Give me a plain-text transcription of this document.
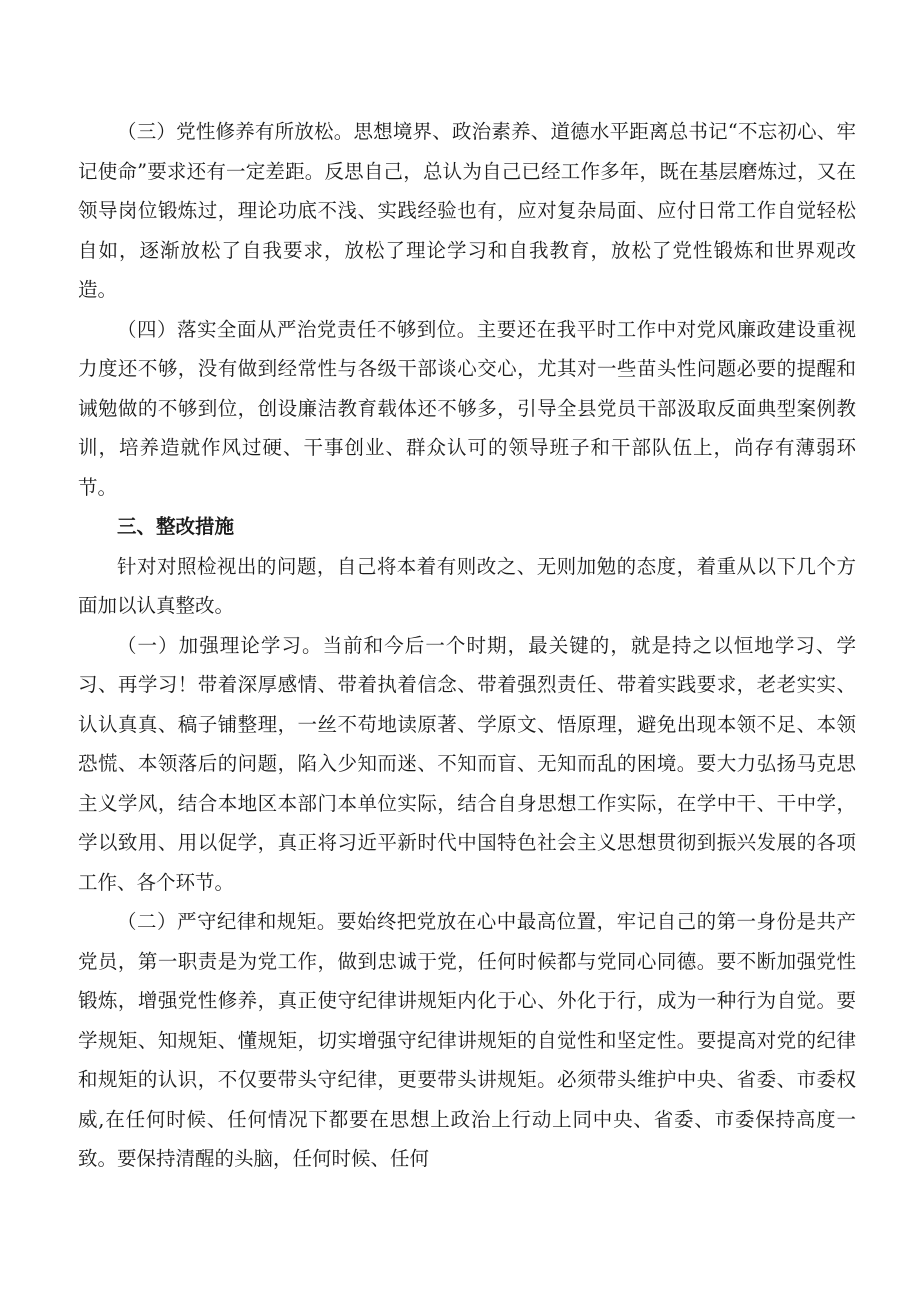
（三）党性修养有所放松。思想境界、政治素养、道德水平距离总书记“不忘初心、牢记使命”要求还有一定差距。反思自己，总认为自己已经工作多年，既在基层磨炼过，又在领导岗位锻炼过，理论功底不浅、实践经验也有，应对复杂局面、应付日常工作自觉轻松自如，逐渐放松了自我要求，放松了理论学习和自我教育，放松了党性锻炼和世界观改造。

（四）落实全面从严治党责任不够到位。主要还在我平时工作中对党风廉政建设重视力度还不够，没有做到经常性与各级干部谈心交心，尤其对一些苗头性问题必要的提醒和诫勉做的不够到位，创设廉洁教育载体还不够多，引导全县党员干部汲取反面典型案例教训，培养造就作风过硬、干事创业、群众认可的领导班子和干部队伍上，尚存有薄弱环节。

三、整改措施

针对对照检视出的问题，自己将本着有则改之、无则加勉的态度，着重从以下几个方面加以认真整改。

（一）加强理论学习。当前和今后一个时期，最关键的，就是持之以恒地学习、学习、再学习！带着深厚感情、带着执着信念、带着强烈责任、带着实践要求，老老实实、认认真真、稿子铺整理，一丝不苟地读原著、学原文、悟原理，避免出现本领不足、本领恐慌、本领落后的问题，陷入少知而迷、不知而盲、无知而乱的困境。要大力弘扬马克思主义学风，结合本地区本部门本单位实际，结合自身思想工作实际，在学中干、干中学，学以致用、用以促学，真正将习近平新时代中国特色社会主义思想贯彻到振兴发展的各项工作、各个环节。

（二）严守纪律和规矩。要始终把党放在心中最高位置，牢记自己的第一身份是共产党员，第一职责是为党工作，做到忠诚于党，任何时候都与党同心同德。要不断加强党性锻炼，增强党性修养，真正使守纪律讲规矩内化于心、外化于行，成为一种行为自觉。要学规矩、知规矩、懂规矩，切实增强守纪律讲规矩的自觉性和坚定性。要提高对党的纪律和规矩的认识，不仅要带头守纪律，更要带头讲规矩。必须带头维护中央、省委、市委权威,在任何时候、任何情况下都要在思想上政治上行动上同中央、省委、市委保持高度一致。要保持清醒的头脑，任何时候、任何
